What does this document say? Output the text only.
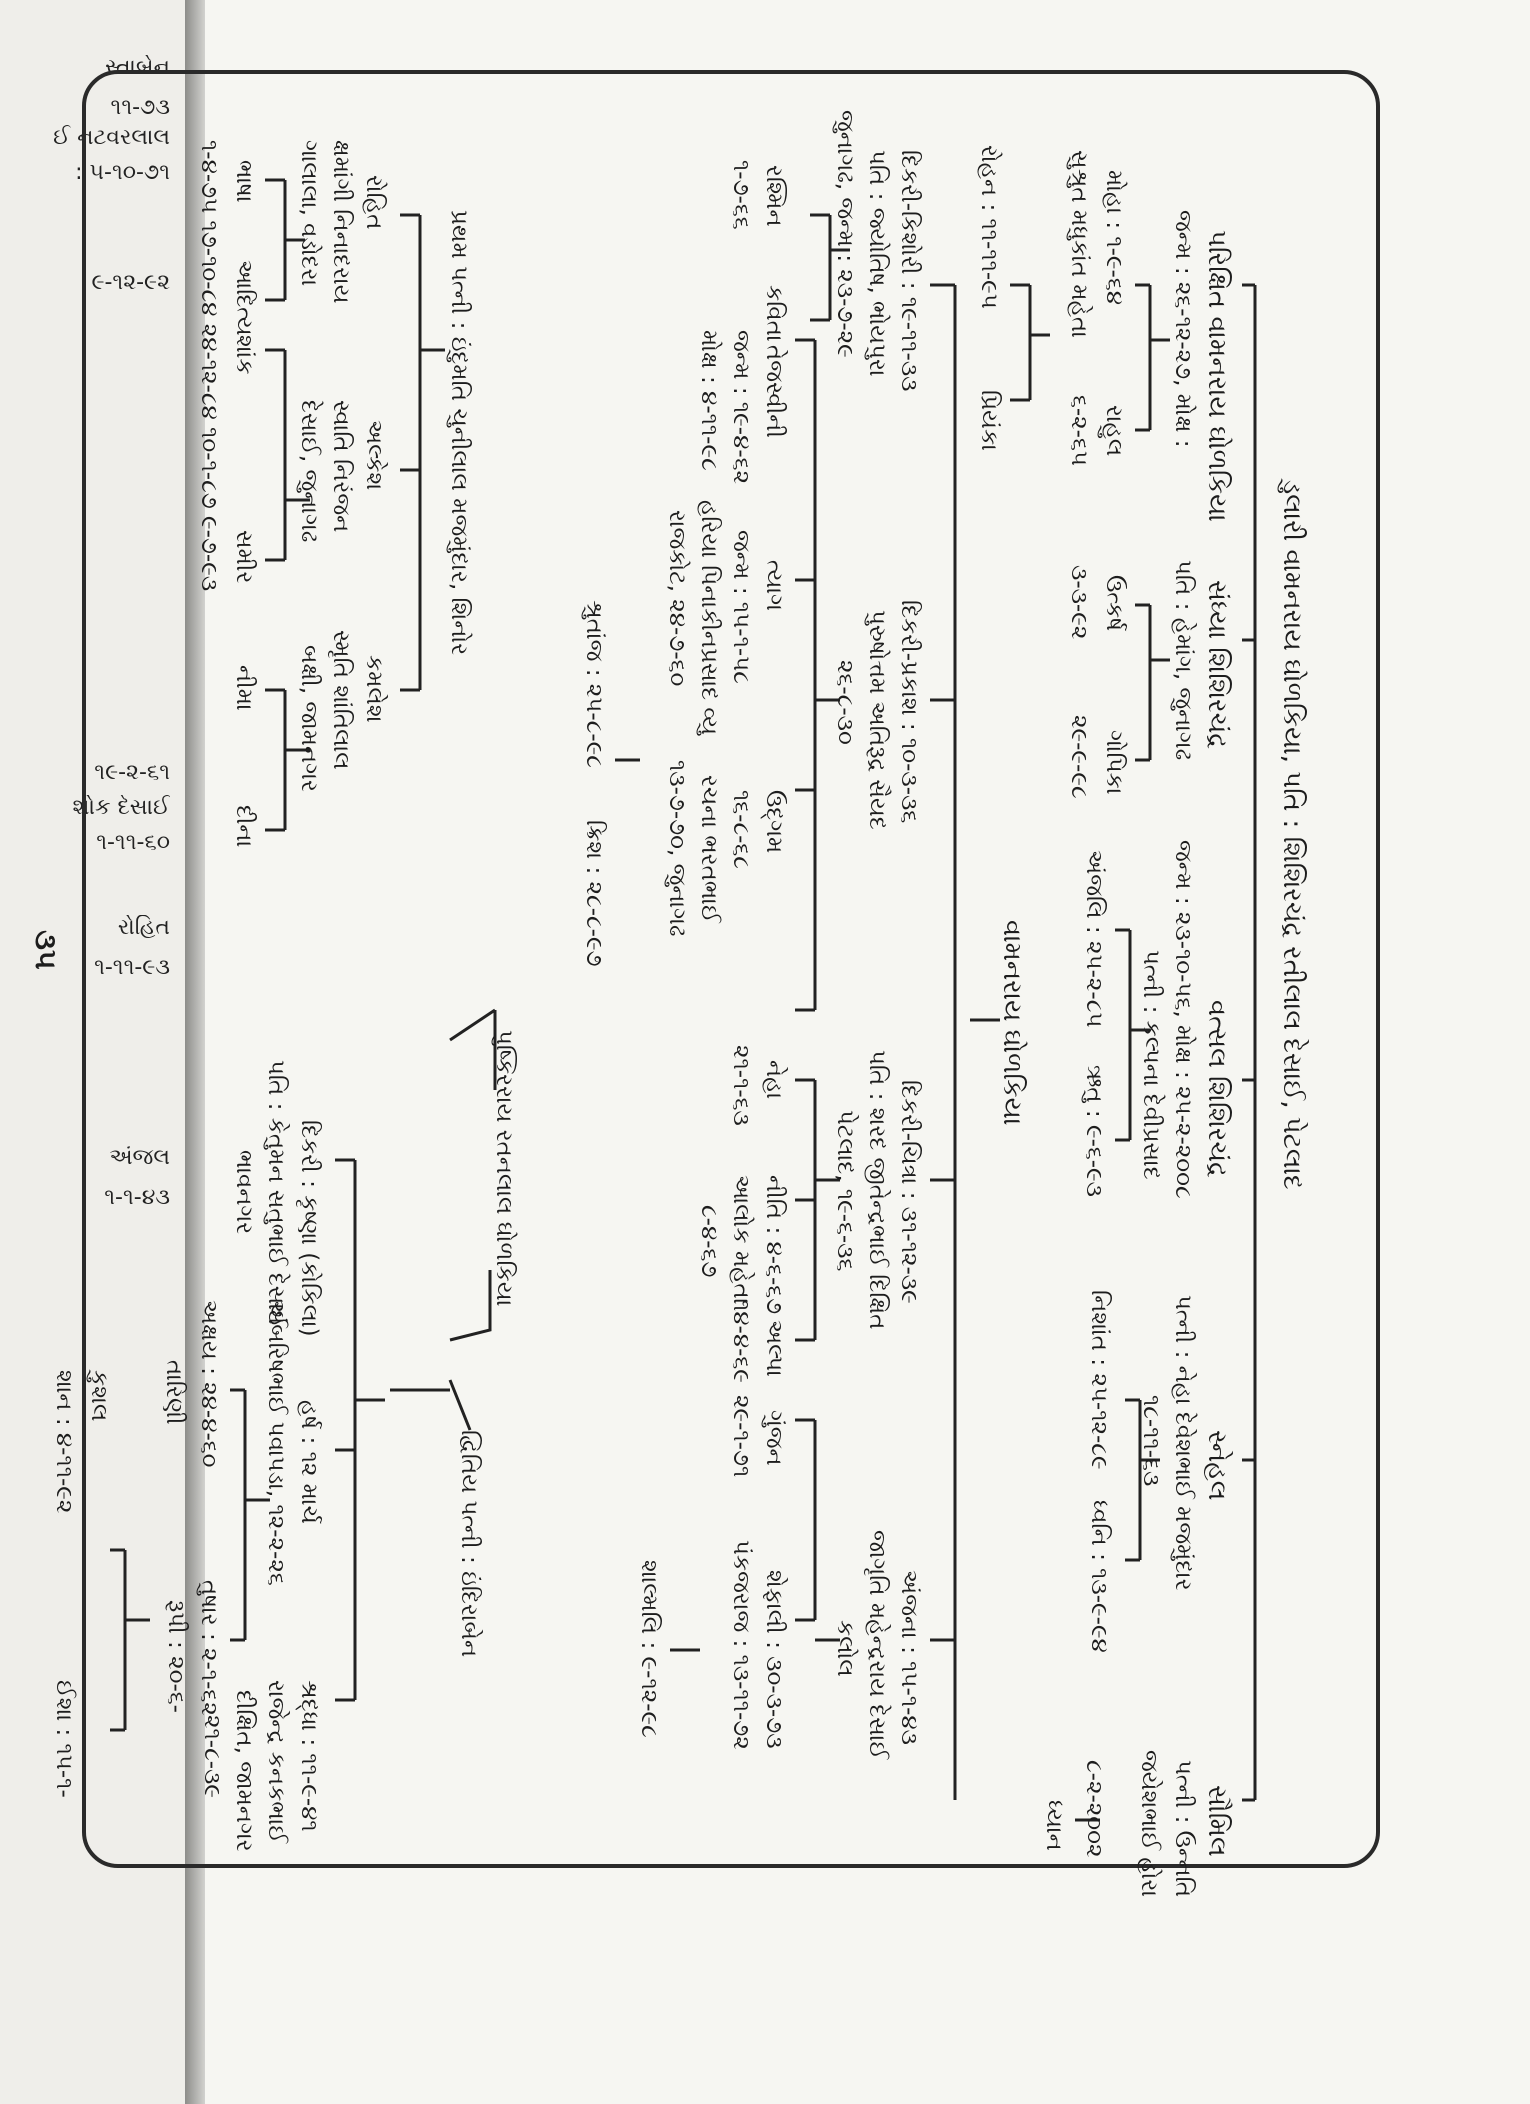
સ્તાબેન
૧૧-૭૩
ઈ નટવરલાલ
: ૫-૧૦-૭૧
૯-૧૨-૯૨
૧૯-૨-૬૧
શોક દેસાઈ
૧-૧૧-૬૦
રોહિત
૧-૧૧-૯૩
અંજલ
૧-૧-૪૩
ડુલારી વામનરાય ઘોળકિયા, પતિ : શિશિરચંદ્ર રતીલાલ દેસાઈ, પેટલાદ
પરિક્ષિત વામનરાય ઘોળકિયા
જન્મ : ૨૬-૧૨-૨૭, મોક્ષ :
સંધ્યા શિશિરચંદ્ર
પતિ : હેમાંગ, જુનાગઢ
વત્સલ શિશિરચંદ્ર
જન્મ : ૨૩-૧૦-૫૬, મોક્ષ : ૨૫-૨-૨૦૦૮
પત્ની : કલ્પના દેવીપ્રસાદ
સ્નેહલ
પત્ની : નેહા દેવેશભાઈ મજમુંદાર
૧૮-૧૧-૬૩
સૌમિલ
પત્ની : ઉન્નતિ
જયેશભાઈ હોરા
મોહા : ૧-૯-૬૪
સુશ્રુત મધુકાંત મહેતા
રાહુલ
૬-૨-૬૫
ઉત્કર્ષ
૩-૩-૯૨
ગોપિકા
૨૯-૯-૯૮
અંજલિ : ૨૫-૨-૮૫
ઋતુ : ૯-૬-૯૩
નિશાંત : ૨૫-૧૨-૮૯
ધ્વનિ : ૧૩-૯-૯૪
ધ્યાન ૮-૨-૨૦૦૨
વામનરાય ઘોળકિયા
રોહન : ૧૧-૧૧-૯૫
પ્રિયંકા
દિકરી-કિશોરી : ૧૯-૧૧-૩૩
પતિ : જ્યોતિષ, ભોયપુરા
જુનાગઢ, જન્મ : ૨૩-૭-૨૯
દિકરી-પ્રકાશ : ૧૦-૩-૩૬
પુરુષોત્તમ અતિરૂદ્ર સૈયદ
૨૬-૮-૩૦
દિકરી-ચિત્રા : ૩૧-૧૨-૩૯
પતિ : શરદ જીતેન્દ્રભાઈ દિક્ષિત
પેટલાદ, ૧૯-૬-૩૬
અંજના : ૧૫-૧-૪૩
જાગૃતિ મહેન્દ્રરાય દેસાઈ
કલોલ
રશ્મિન
૧-૭-૬૬
કવિતા
તેજસ્વીની
જન્મ : ૧૯-૪-૬૨
મોક્ષ : ૪-૧૧-૯૮
ત્યાગ
જન્મ : ૧૫-૧-૫૮
હરિયા પિનાકીનપ્રસાદ વ્યુ
રાજકોટ, ૨૪-૭-૬૦
ઉદ્ગમ
૧૬-૮-૬૮
રચના ભરતભાઈ
૧૩-૭-૭૦, જુનાગઢ
શ્રુતાંજ : ૨૫-૮-૯૮
ક્રિશ : ૨૮-૮-૯૭
નેહા
૨૧-૧-૬૩
નીતિ : ૪-૬-૬૭
આલોક મહેતા
૮-૪-૬૭
અલ્પા
૧૪-૪-૬૯
ગુંજન
૨૯-૧-૭૧
શેફાલી : ૩૦-૩-૭૩
પંકજરાજ : ૧૩-૧૧-૭૨
શાલ્મલિ : ૯-૧૨-૯૮
પ્રથમ પત્ની : ઇંદુમતિ ચુનીલાલ મજમુંદાર, શિનોર
પુષ્કિરરાય રતનલાલ ઘોળકિયા
દ્વિતિય પત્ની : ઇંદિરાબેન
રોહિત
ક્ષમાંગી નિનાદરાય
ગાલાલા, વડોદરા
અલ્કેશ
સ્વાતિ નિરંજન
દેસાઈ, જુનાગઢ
કમલેશ
સ્મૃતિ શાંતિલાલ
બક્ષી, જામનગર
દિકરી : કૃષ્ણા (કોકિલા)
પતિ : કેતુમન સતુભાઈ દેસાઈ
ભાવનગર
હર્ષ : ૧૨ માર્ચ
અંબરિષભાઈ પવાપડા, ૧૨-૨-૨૬
શ્રદ્ધા : ૧૧-૯-૪૧
રાજેન્દ્ર કનકભાઈ
દીક્ષિત, જામનગર
૨૧-૮-૩૯
ભાષા
આદિત્ય
શાંક
સમીર
નીમા
દીના
૧-૪-૭૫ ૧૭-૧૦-૮૪ ૨૪-૧૨-૮૪ ૧૦-૧-૮૭ ૯-૭-૯૩
અક્ષય : ૨૪-૪-૬૦
તારિણી
કુશલ
શાન : ૪-૧૧-૯૨
તુષાર : ૨-૧-૬૨
રૂપી : ૨૦-૬-
ઈશા : ૧૫-૧-
૩૫
